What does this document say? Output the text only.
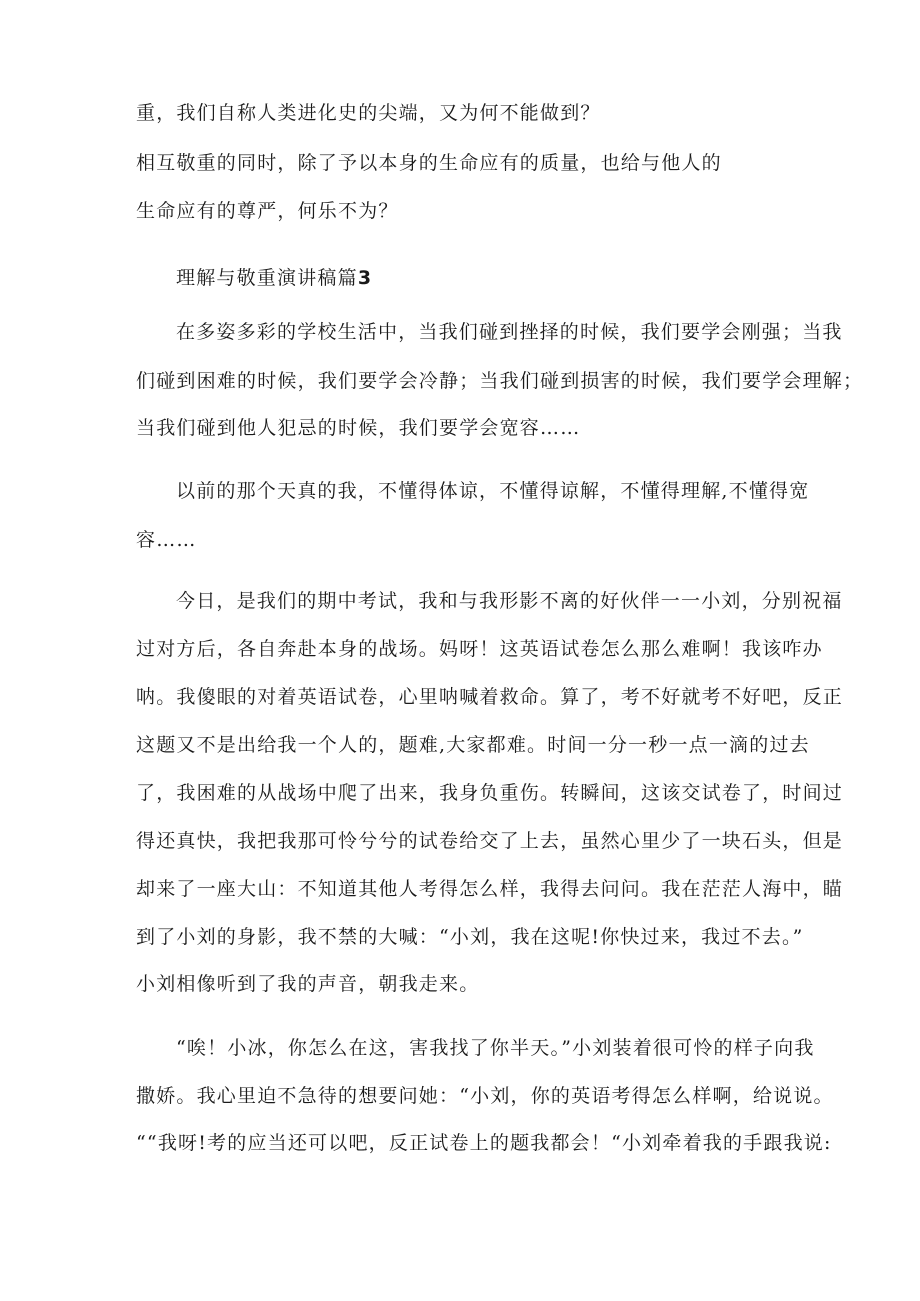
重，我们自称人类进化史的尖端，又为何不能做到？
相互敬重的同时，除了予以本身的生命应有的质量，也给与他人的
生命应有的尊严，何乐不为？
理解与敬重演讲稿篇3
在多姿多彩的学校生活中，当我们碰到挫择的时候，我们要学会刚强；当我
们碰到困难的时候，我们要学会冷静；当我们碰到损害的时候，我们要学会理解；
当我们碰到他人犯忌的时候，我们要学会宽容……
以前的那个天真的我，不懂得体谅，不懂得谅解，不懂得理解,不懂得宽
容……
今日，是我们的期中考试，我和与我形影不离的好伙伴一一小刘，分别祝福
过对方后，各自奔赴本身的战场。妈呀！这英语试卷怎么那么难啊！我该咋办
呐。我傻眼的对着英语试卷，心里呐喊着救命。算了，考不好就考不好吧，反正
这题又不是出给我一个人的，题难,大家都难。时间一分一秒一点一滴的过去
了，我困难的从战场中爬了出来，我身负重伤。转瞬间，这该交试卷了，时间过
得还真快，我把我那可怜兮兮的试卷给交了上去，虽然心里少了一块石头，但是
却来了一座大山：不知道其他人考得怎么样，我得去问问。我在茫茫人海中，瞄
到了小刘的身影，我不禁的大喊：“小刘，我在这呢!你快过来，我过不去。”
小刘相像听到了我的声音，朝我走来。
“唉！小冰，你怎么在这，害我找了你半天。”小刘装着很可怜的样子向我
撒娇。我心里迫不急待的想要问她：“小刘，你的英语考得怎么样啊，给说说。
““我呀!考的应当还可以吧，反正试卷上的题我都会！“小刘牵着我的手跟我说:
